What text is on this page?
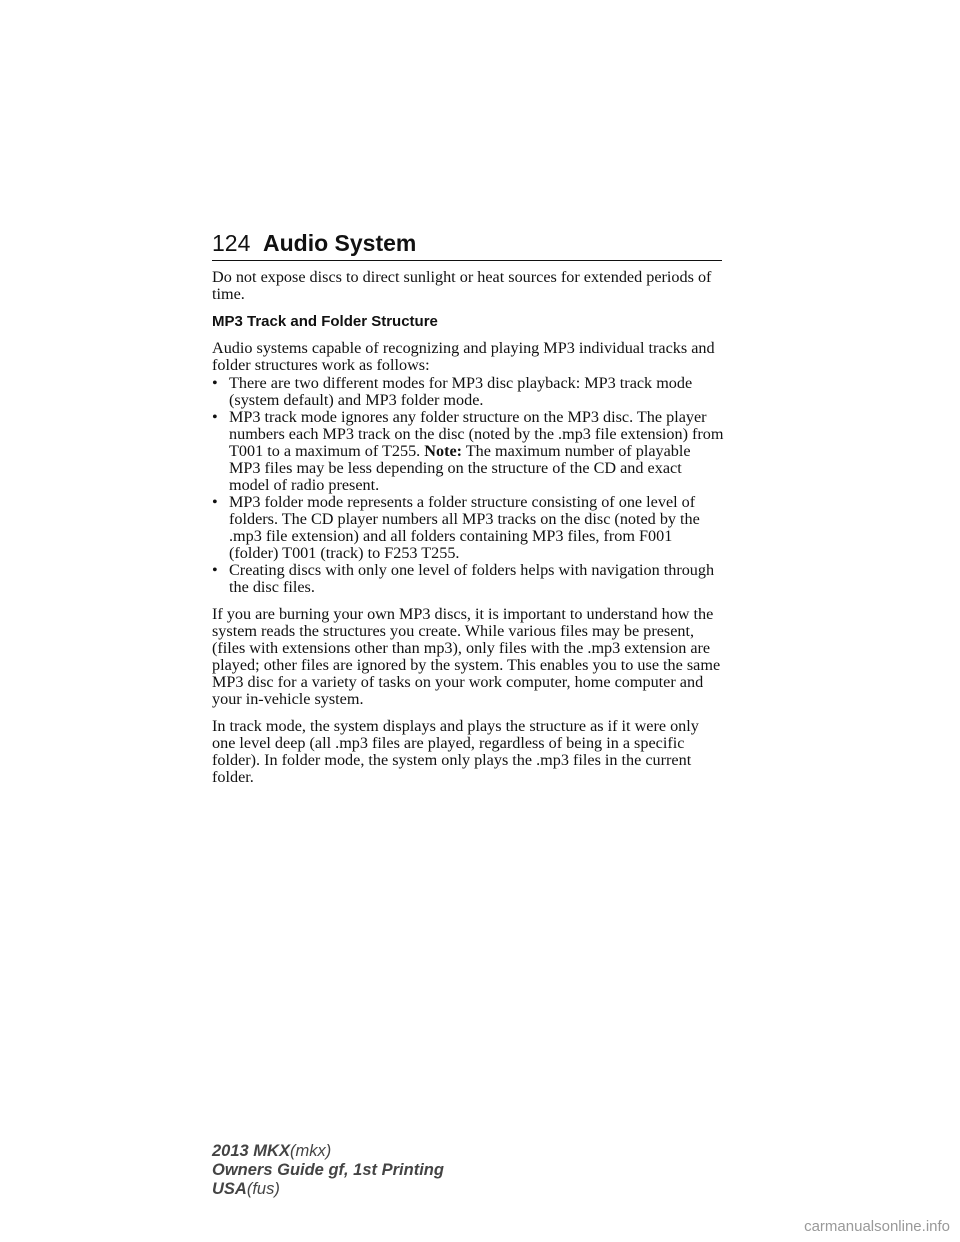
124 Audio System

Do not expose discs to direct sunlight or heat sources for extended periods of time.

MP3 Track and Folder Structure

Audio systems capable of recognizing and playing MP3 individual tracks and folder structures work as follows:

• There are two different modes for MP3 disc playback: MP3 track mode (system default) and MP3 folder mode.
• MP3 track mode ignores any folder structure on the MP3 disc. The player numbers each MP3 track on the disc (noted by the .mp3 file extension) from T001 to a maximum of T255. Note: The maximum number of playable MP3 files may be less depending on the structure of the CD and exact model of radio present.
• MP3 folder mode represents a folder structure consisting of one level of folders. The CD player numbers all MP3 tracks on the disc (noted by the .mp3 file extension) and all folders containing MP3 files, from F001 (folder) T001 (track) to F253 T255.
• Creating discs with only one level of folders helps with navigation through the disc files.

If you are burning your own MP3 discs, it is important to understand how the system reads the structures you create. While various files may be present, (files with extensions other than mp3), only files with the .mp3 extension are played; other files are ignored by the system. This enables you to use the same MP3 disc for a variety of tasks on your work computer, home computer and your in-vehicle system.

In track mode, the system displays and plays the structure as if it were only one level deep (all .mp3 files are played, regardless of being in a specific folder). In folder mode, the system only plays the .mp3 files in the current folder.

2013 MKX(mkx)
Owners Guide gf, 1st Printing
USA(fus)
carmanualsonline.info
